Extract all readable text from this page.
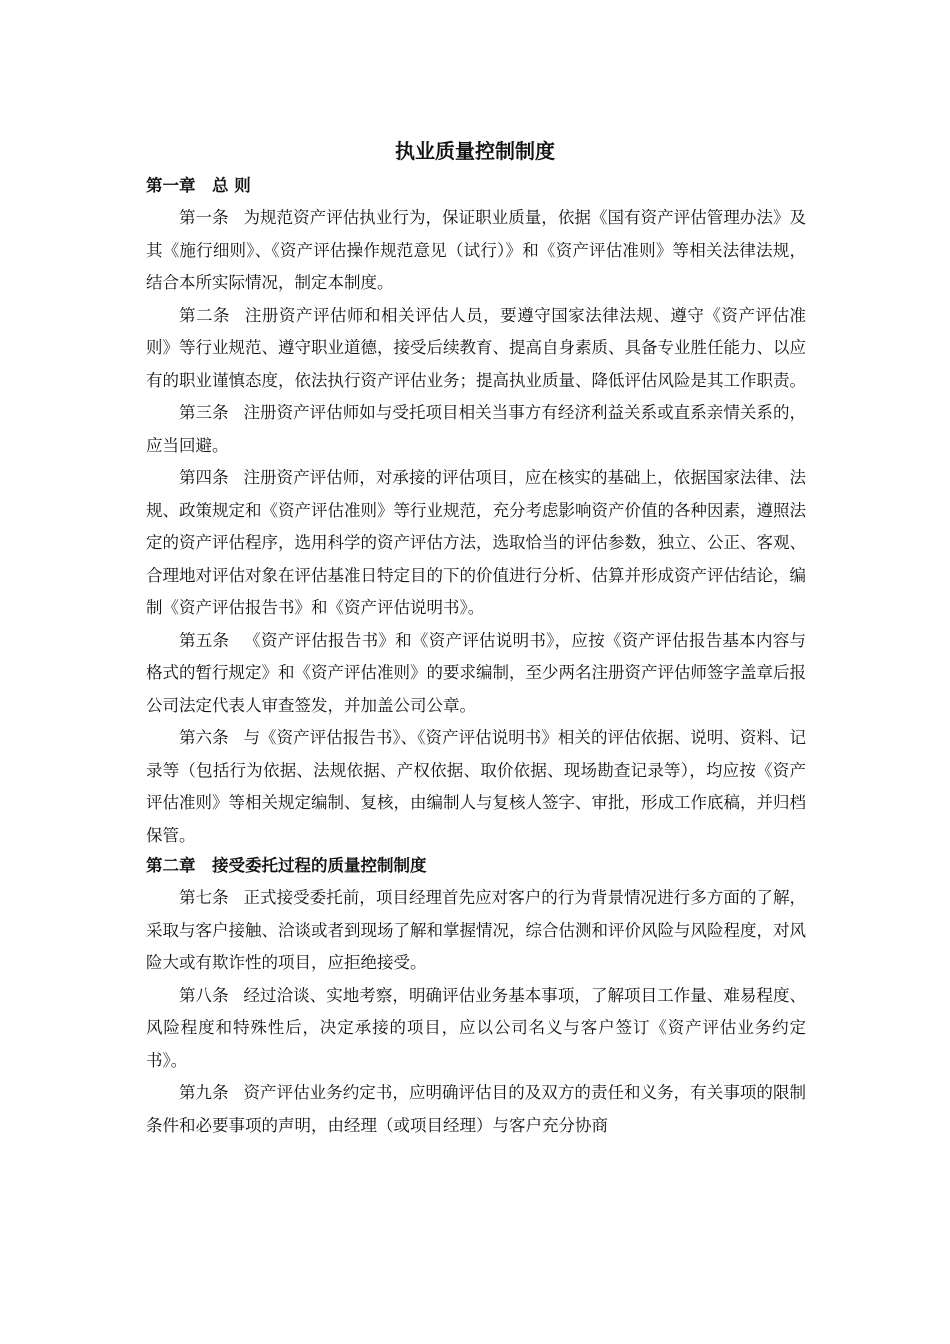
执业质量控制制度
第一章　总 则

第一条 为规范资产评估执业行为，保证职业质量，依据《国有资产评估管理办法》及其《施行细则》、《资产评估操作规范意见（试行）》和《资产评估准则》等相关法律法规，结合本所实际情况，制定本制度。

第二条 注册资产评估师和相关评估人员，要遵守国家法律法规、遵守《资产评估准则》等行业规范、遵守职业道德，接受后续教育、提高自身素质、具备专业胜任能力、以应有的职业谨慎态度，依法执行资产评估业务；提高执业质量、降低评估风险是其工作职责。

第三条 注册资产评估师如与受托项目相关当事方有经济利益关系或直系亲情关系的，应当回避。

第四条 注册资产评估师，对承接的评估项目，应在核实的基础上，依据国家法律、法规、政策规定和《资产评估准则》等行业规范，充分考虑影响资产价值的各种因素，遵照法定的资产评估程序，选用科学的资产评估方法，选取恰当的评估参数，独立、公正、客观、合理地对评估对象在评估基准日特定目的下的价值进行分析、估算并形成资产评估结论，编制《资产评估报告书》和《资产评估说明书》。

第五条 《资产评估报告书》和《资产评估说明书》，应按《资产评估报告基本内容与格式的暂行规定》和《资产评估准则》的要求编制，至少两名注册资产评估师签字盖章后报公司法定代表人审查签发，并加盖公司公章。

第六条 与《资产评估报告书》、《资产评估说明书》相关的评估依据、说明、资料、记录等（包括行为依据、法规依据、产权依据、取价依据、现场勘查记录等），均应按《资产评估准则》等相关规定编制、复核，由编制人与复核人签字、审批，形成工作底稿，并归档保管。

第二章　接受委托过程的质量控制制度

第七条 正式接受委托前，项目经理首先应对客户的行为背景情况进行多方面的了解，采取与客户接触、洽谈或者到现场了解和掌握情况，综合估测和评价风险与风险程度，对风险大或有欺诈性的项目，应拒绝接受。

第八条 经过洽谈、实地考察，明确评估业务基本事项，了解项目工作量、难易程度、风险程度和特殊性后，决定承接的项目，应以公司名义与客户签订《资产评估业务约定书》。

第九条 资产评估业务约定书，应明确评估目的及双方的责任和义务，有关事项的限制条件和必要事项的声明，由经理（或项目经理）与客户充分协商
